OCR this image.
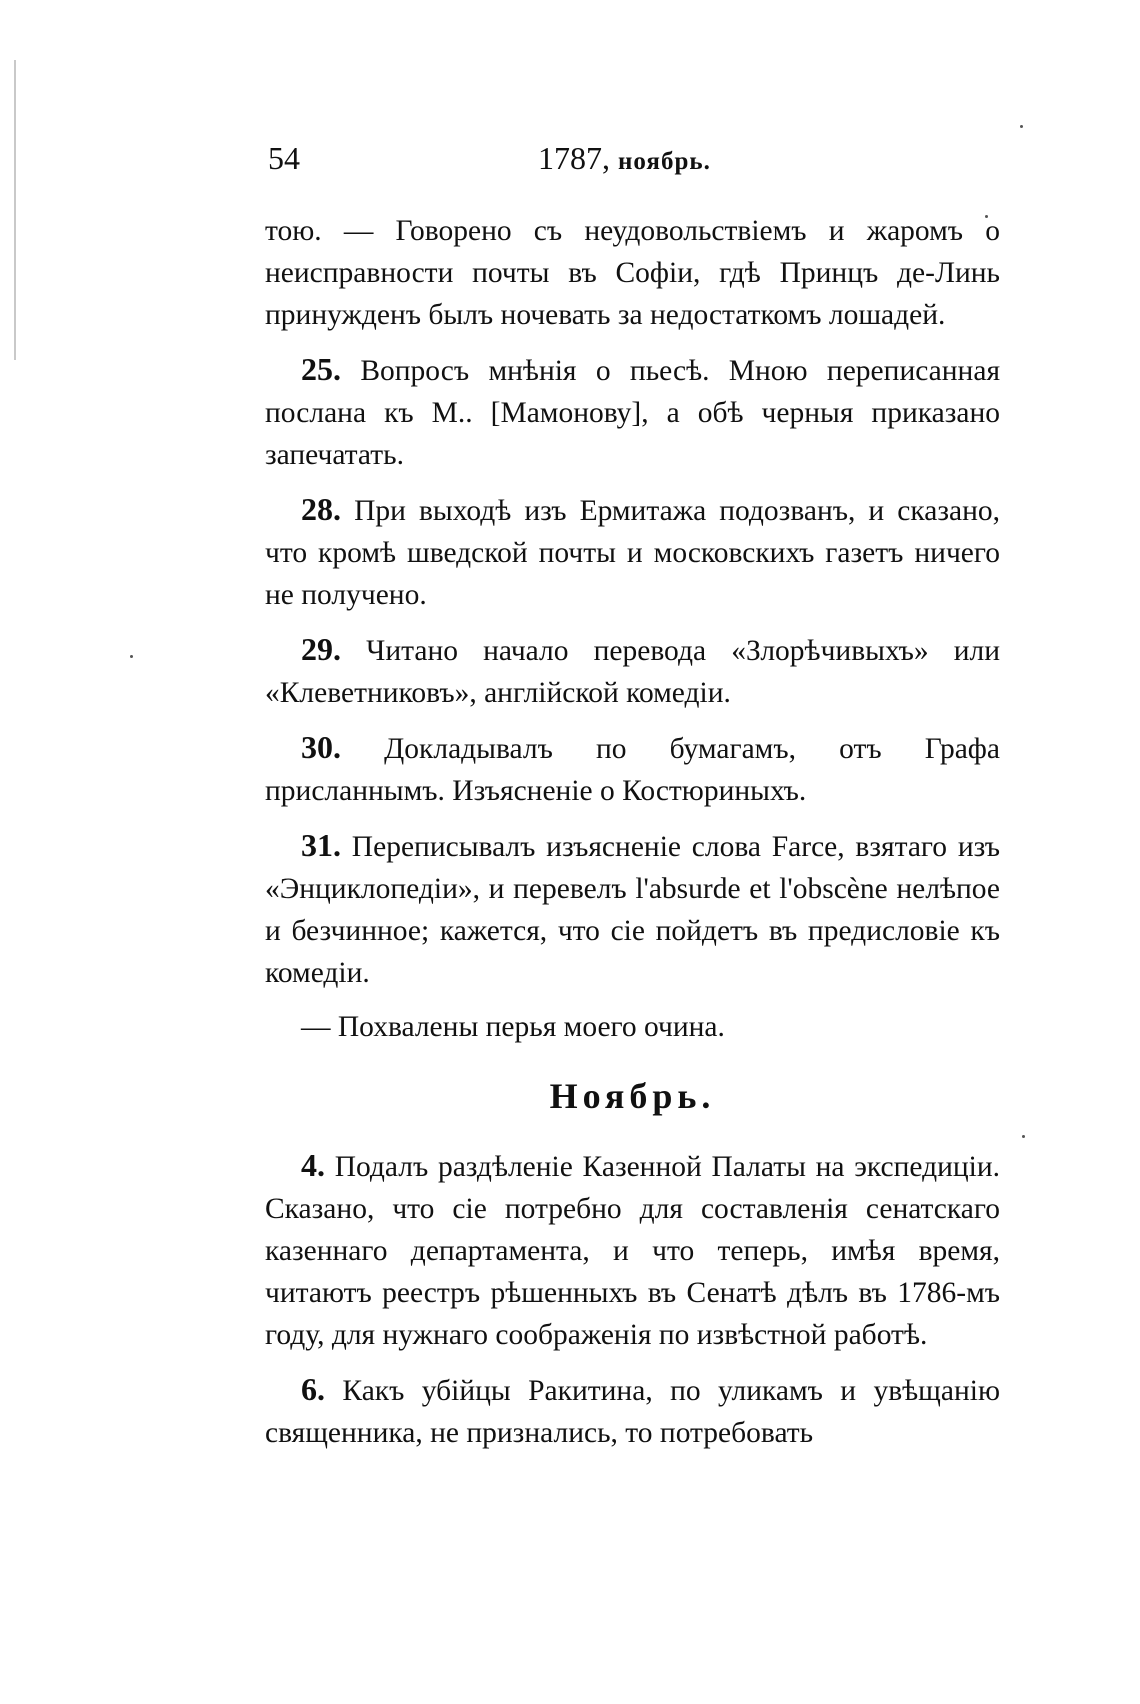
54	1787, ноябрь.

тою. — Говорено съ неудовольствіемъ и жаромъ о неисправности почты въ Софіи, гдѣ Принцъ де-Линь принужденъ былъ ночевать за недостаткомъ лошадей.

25. Вопросъ мнѣнія о пьесѣ. Мною переписанная послана къ М.. [Мамонову], а обѣ черныя приказано запечатать.

28. При выходѣ изъ Ермитажа подозванъ, и сказано, что кромѣ шведской почты и московскихъ газетъ ничего не получено.

29. Читано начало перевода «Злорѣчивыхъ» или «Клеветниковъ», англійской комедіи.

30. Докладывалъ по бумагамъ, отъ Графа присланнымъ. Изъясненіе о Костюриныхъ.

31. Переписывалъ изъясненіе слова Farce, взятаго изъ «Энциклопедіи», и перевелъ l'absurde et l'obscène нелѣпое и безчинное; кажется, что сіе пойдетъ въ предисловіе къ комедіи.

— Похвалены перья моего очина.

Ноябрь.

4. Подалъ раздѣленіе Казенной Палаты на экспедиціи. Сказано, что сіе потребно для составленія сенатскаго казеннаго департамента, и что теперь, имѣя время, читаютъ реестръ рѣшенныхъ въ Сенатѣ дѣлъ въ 1786-мъ году, для нужнаго соображенія по извѣстной работѣ.

6. Какъ убійцы Ракитина, по уликамъ и увѣщанію священника, не признались, то потребовать
